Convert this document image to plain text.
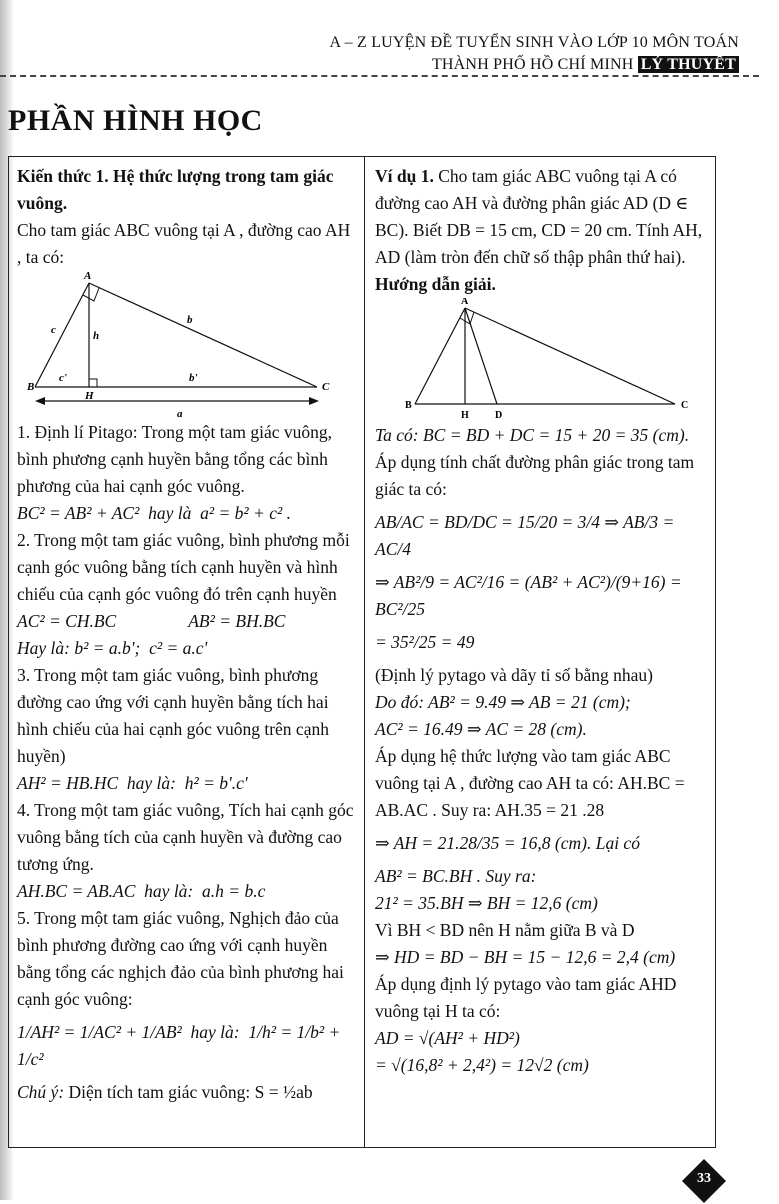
A – Z LUYỆN ĐỀ TUYỂN SINH VÀO LỚP 10 MÔN TOÁN
THÀNH PHỐ HỒ CHÍ MINH LÝ THUYẾT
PHẦN HÌNH HỌC

Kiến thức 1. Hệ thức lượng trong tam giác vuông.

Cho tam giác ABC vuông tại A , đường cao AH , ta có:

A
B	C
H
a
b
c	h
b'
c'

1. Định lí Pitago: Trong một tam giác vuông, bình phương cạnh huyền bằng tổng các bình phương của hai cạnh góc vuông.

BC² = AB² + AC²  hay là  a² = b² + c² .

2. Trong một tam giác vuông, bình phương mỗi cạnh góc vuông bằng tích cạnh huyền và hình chiếu của cạnh góc vuông đó trên cạnh huyền

AC² = CH.BC	AB² = BH.BC

Hay là: b² = a.b';  c² = a.c'

3. Trong một tam giác vuông, bình phương đường cao ứng với cạnh huyền bằng tích hai hình chiếu của hai cạnh góc vuông trên cạnh huyền)

AH² = HB.HC  hay là:  h² = b'.c'

4. Trong một tam giác vuông, Tích hai cạnh góc vuông bằng tích của cạnh huyền và đường cao tương ứng.

AH.BC = AB.AC  hay là:  a.h = b.c

5. Trong một tam giác vuông, Nghịch đảo của bình phương đường cao ứng với cạnh huyền bằng tổng các nghịch đảo của bình phương hai cạnh góc vuông:

1/AH² = 1/AC² + 1/AB²  hay là:  1/h² = 1/b² + 1/c²

Chú ý: Diện tích tam giác vuông: S = ½ab

Ví dụ 1. Cho tam giác ABC vuông tại A có đường cao AH và đường phân giác AD (D ∈ BC). Biết DB = 15 cm, CD = 20 cm. Tính AH, AD (làm tròn đến chữ số thập phân thứ hai).

Hướng dẫn giải.

A
B	C
H	D

Ta có: BC = BD + DC = 15 + 20 = 35 (cm).

Áp dụng tính chất đường phân giác trong tam giác ta có:

AB/AC = BD/DC = 15/20 = 3/4 ⇒ AB/3 = AC/4

⇒ AB²/9 = AC²/16 = (AB² + AC²)/(9+16) = BC²/25

= 35²/25 = 49

(Định lý pytago và dãy tỉ số bằng nhau)

Do đó: AB² = 9.49 ⇒ AB = 21 (cm);

AC² = 16.49 ⇒ AC = 28 (cm).

Áp dụng hệ thức lượng vào tam giác ABC vuông tại A , đường cao AH ta có: AH.BC = AB.AC . Suy ra: AH.35 = 21 .28

⇒ AH = 21.28/35 = 16,8 (cm). Lại có

AB² = BC.BH . Suy ra:

21² = 35.BH ⇒ BH = 12,6 (cm)

Vì BH < BD nên H nằm giữa B và D

⇒ HD = BD − BH = 15 − 12,6 = 2,4 (cm)

Áp dụng định lý pytago vào tam giác AHD vuông tại H ta có:

AD = √(AH² + HD²)

= √(16,8² + 2,4²) = 12√2 (cm)

33
